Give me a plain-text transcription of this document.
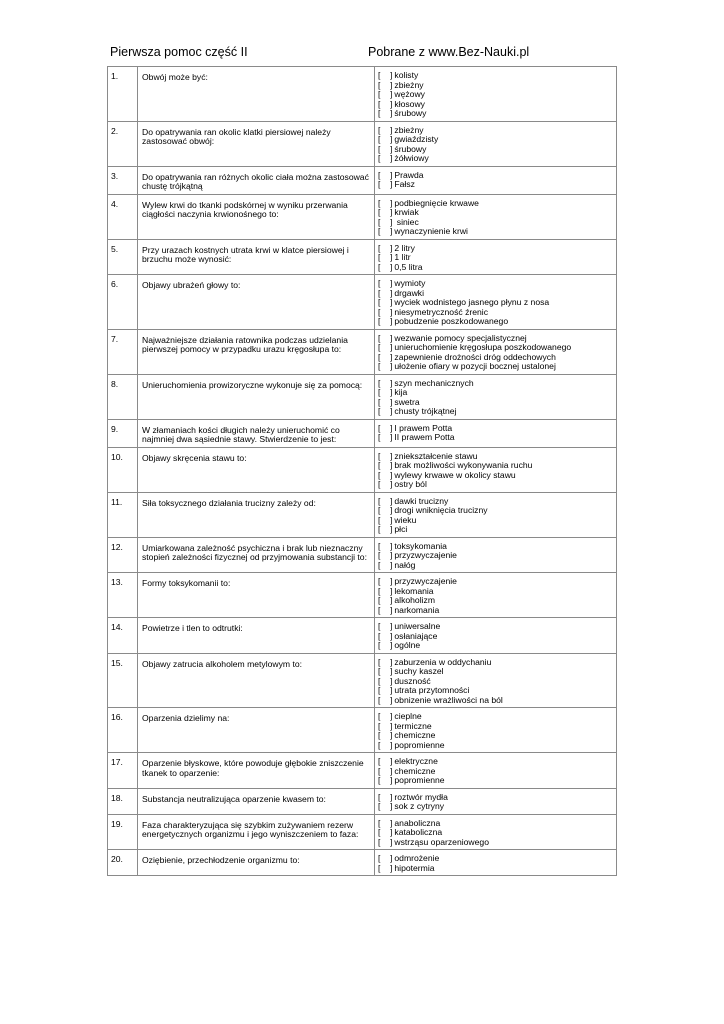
Pierwsza pomoc część II	Pobrane z www.Bez-Nauki.pl
1.	Obwój może być:	[ ] kolisty
[ ] zbieżny
[ ] wężowy
[ ] kłosowy
[ ] śrubowy

2.	Do opatrywania ran okolic klatki piersiowej należy zastosować obwój:	[ ] zbieżny
[ ] gwiaździsty
[ ] śrubowy
[ ] żółwiowy

3.	Do opatrywania ran różnych okolic ciała można zastosować chustę trójkątną	[ ] Prawda
[ ] Fałsz

4.	Wylew krwi do tkanki podskórnej w wyniku przerwania ciągłości naczynia krwionośnego to:	[ ] podbiegnięcie krwawe
[ ] krwiak
[ ] siniec
[ ] wynaczynienie krwi

5.	Przy urazach kostnych utrata krwi w klatce piersiowej i brzuchu może wynosić:	[ ] 2 litry
[ ] 1 litr
[ ] 0,5 litra

6.	Objawy ubrażeń głowy to:	[ ] wymioty
[ ] drgawki
[ ] wyciek wodnistego jasnego płynu z nosa
[ ] niesymetryczność źrenic
[ ] pobudzenie poszkodowanego

7.	Najważniejsze działania ratownika podczas udzielania pierwszej pomocy w przypadku urazu kręgosłupa to:	[ ] wezwanie pomocy specjalistycznej
[ ] unieruchomienie kręgosłupa poszkodowanego
[ ] zapewnienie drożności dróg oddechowych
[ ] ułożenie ofiary w pozycji bocznej ustalonej

8.	Unieruchomienia prowizoryczne wykonuje się za pomocą:	[ ] szyn mechanicznych
[ ] kija
[ ] swetra
[ ] chusty trójkątnej

9.	W złamaniach kości długich należy unieruchomić co najmniej dwa sąsiednie stawy. Stwierdzenie to jest:	[ ] I prawem Potta
[ ] II prawem Potta

10.	Objawy skręcenia stawu to:	[ ] zniekształcenie stawu
[ ] brak możliwości wykonywania ruchu
[ ] wylewy krwawe w okolicy stawu
[ ] ostry ból

11.	Siła toksycznego działania trucizny zależy od:	[ ] dawki trucizny
[ ] drogi wniknięcia trucizny
[ ] wieku
[ ] płci

12.	Umiarkowana zależność psychiczna i brak lub nieznaczny stopień zależności fizycznej od przyjmowania substancji to:	[ ] toksykomania
[ ] przyzwyczajenie
[ ] nałóg

13.	Formy toksykomanii to:	[ ] przyzwyczajenie
[ ] lekomania
[ ] alkoholizm
[ ] narkomania

14.	Powietrze i tlen to odtrutki:	[ ] uniwersalne
[ ] osłaniające
[ ] ogólne

15.	Objawy zatrucia alkoholem metylowym to:	[ ] zaburzenia w oddychaniu
[ ] suchy kaszel
[ ] duszność
[ ] utrata przytomności
[ ] obnizenie wrażliwości na ból

16.	Oparzenia dzielimy na:	[ ] cieplne
[ ] termiczne
[ ] chemiczne
[ ] popromienne

17.	Oparzenie błyskowe, które powoduje głębokie zniszczenie tkanek to oparzenie:	[ ] elektryczne
[ ] chemiczne
[ ] popromienne

18.	Substancja neutralizująca oparzenie kwasem to:	[ ] roztwór mydła
[ ] sok z cytryny

19.	Faza charakteryzująca się szybkim zużywaniem rezerw energetycznych organizmu i jego wyniszczeniem to faza:	[ ] anaboliczna
[ ] kataboliczna
[ ] wstrząsu oparzeniowego

20.	Oziębienie, przechłodzenie organizmu to:	[ ] odmrożenie
[ ] hipotermia
